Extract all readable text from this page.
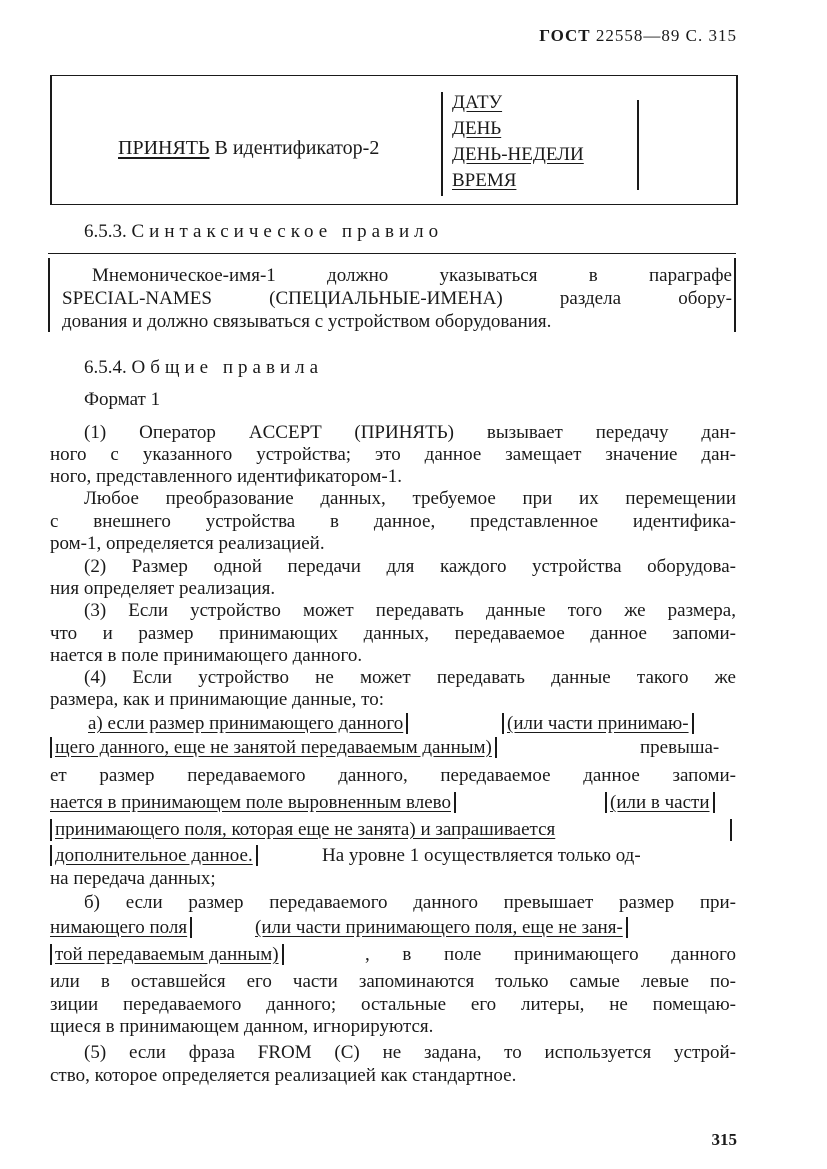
ГОСТ 22558—89 С. 315
ПРИНЯТЬ В идентификатор-2
ДАТУ
ДЕНЬ
ДЕНЬ-НЕДЕЛИ
ВРЕМЯ
6.5.3. Синтаксическое правило
Мнемоническое-имя-1 должно указываться в параграфе
SPECIAL-NAMES (СПЕЦИАЛЬНЫЕ-ИМЕНА) раздела обору-
дования и должно связываться с устройством оборудования.
6.5.4. Общие правила
Формат 1
(1) Оператор ACCEPT (ПРИНЯТЬ) вызывает передачу дан-
ного с указанного устройства; это данное замещает значение дан-
ного, представленного идентификатором-1.
Любое преобразование данных, требуемое при их перемещении
с внешнего устройства в данное, представленное идентифика-
ром-1, определяется реализацией.
(2) Размер одной передачи для каждого устройства оборудова-
ния определяет реализация.
(3) Если устройство может передавать данные того же размера,
что и размер принимающих данных, передаваемое данное запоми-
нается в поле принимающего данного.
(4) Если устройство не может передавать данные такого же
размера, как и принимающие данные, то:
а) если размер принимающего данного	(или части принимаю-
щего данного, еще не занятой передаваемым данным)	превыша-
ет размер передаваемого данного, передаваемое данное запоми-
нается в принимающем поле выровненным влево	(или в части
принимающего поля, которая еще не занята) и запрашивается
дополнительное данное.	На уровне 1 осуществляется только од-
на передача данных;
б) если размер передаваемого данного превышает размер при-
нимающего поля	(или части принимающего поля, еще не заня-
той передаваемым данным)	, в поле принимающего данного
или в оставшейся его части запоминаются только самые левые по-
зиции передаваемого данного; остальные его литеры, не помещаю-
щиеся в принимающем данном, игнорируются.
(5) если фраза FROM (C) не задана, то используется устрой-
ство, которое определяется реализацией как стандартное.
315
